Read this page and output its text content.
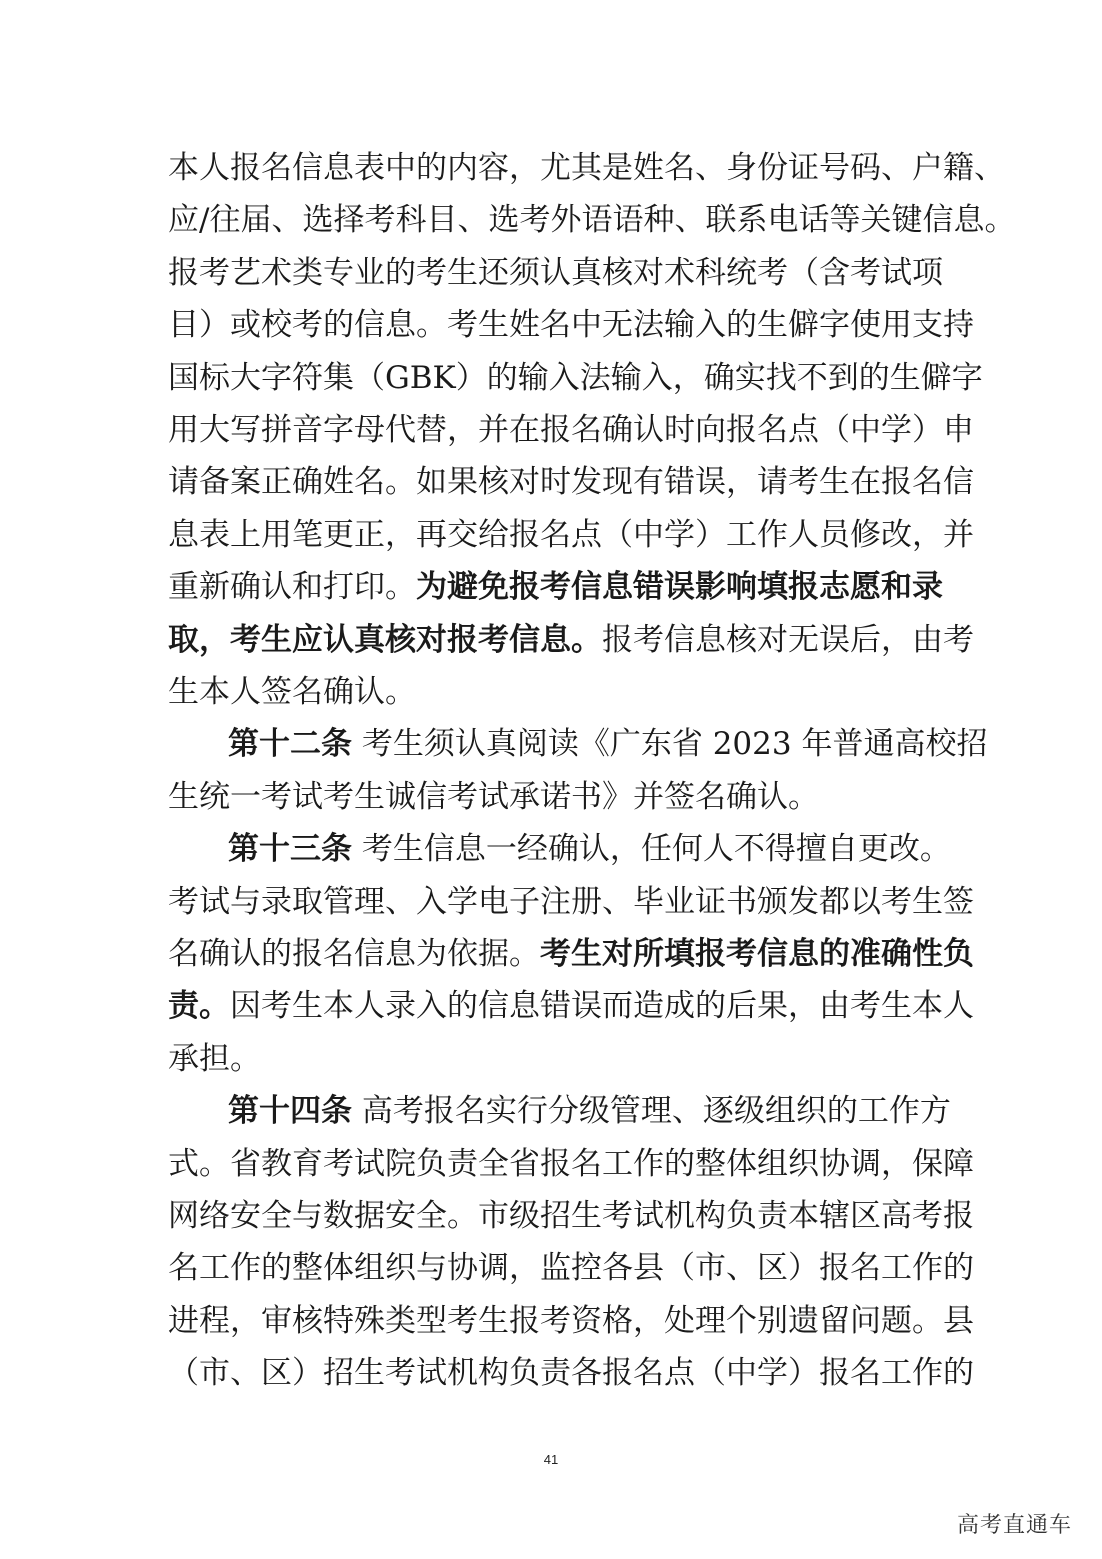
本人报名信息表中的内容，尤其是姓名、身份证号码、户籍、
应/往届、选择考科目、选考外语语种、联系电话等关键信息。
报考艺术类专业的考生还须认真核对术科统考（含考试项
目）或校考的信息。考生姓名中无法输入的生僻字使用支持
国标大字符集（GBK）的输入法输入，确实找不到的生僻字
用大写拼音字母代替，并在报名确认时向报名点（中学）申
请备案正确姓名。如果核对时发现有错误，请考生在报名信
息表上用笔更正，再交给报名点（中学）工作人员修改，并
重新确认和打印。为避免报考信息错误影响填报志愿和录
取，考生应认真核对报考信息。报考信息核对无误后，由考
生本人签名确认。
第十二条 考生须认真阅读《广东省 2023 年普通高校招
生统一考试考生诚信考试承诺书》并签名确认。
第十三条 考生信息一经确认，任何人不得擅自更改。
考试与录取管理、入学电子注册、毕业证书颁发都以考生签
名确认的报名信息为依据。考生对所填报考信息的准确性负
责。因考生本人录入的信息错误而造成的后果，由考生本人
承担。
第十四条 高考报名实行分级管理、逐级组织的工作方
式。省教育考试院负责全省报名工作的整体组织协调，保障
网络安全与数据安全。市级招生考试机构负责本辖区高考报
名工作的整体组织与协调，监控各县（市、区）报名工作的
进程，审核特殊类型考生报考资格，处理个别遗留问题。县
（市、区）招生考试机构负责各报名点（中学）报名工作的
41
高考直通车
